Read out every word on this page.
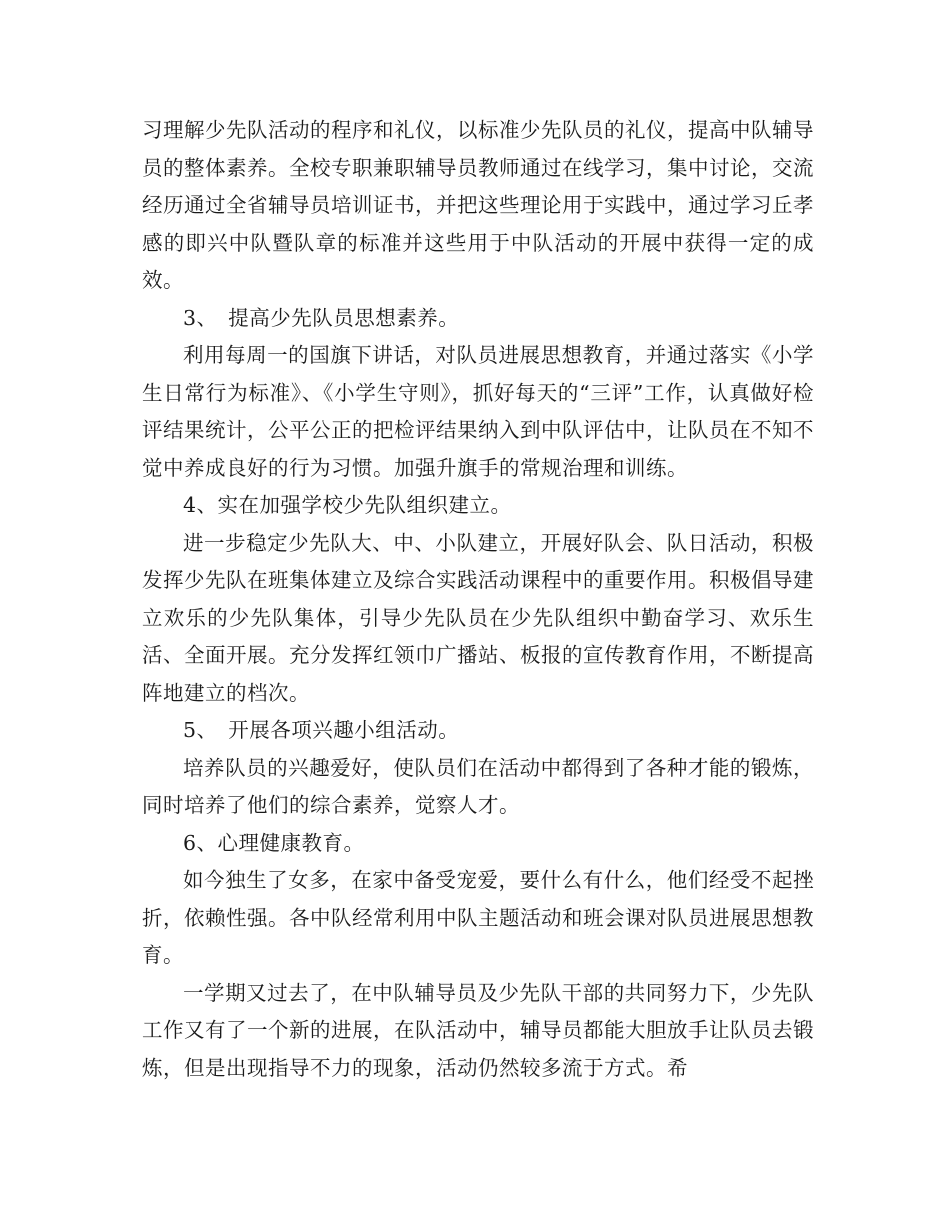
习理解少先队活动的程序和礼仪，以标准少先队员的礼仪，提高中队辅导员的整体素养。全校专职兼职辅导员教师通过在线学习，集中讨论，交流经历通过全省辅导员培训证书，并把这些理论用于实践中，通过学习丘孝感的即兴中队暨队章的标准并这些用于中队活动的开展中获得一定的成效。

3、　提高少先队员思想素养。

利用每周一的国旗下讲话，对队员进展思想教育，并通过落实《小学生日常行为标准》、《小学生守则》，抓好每天的“三评”工作，认真做好检评结果统计，公平公正的把检评结果纳入到中队评估中，让队员在不知不觉中养成良好的行为习惯。加强升旗手的常规治理和训练。

4、实在加强学校少先队组织建立。

进一步稳定少先队大、中、小队建立，开展好队会、队日活动，积极发挥少先队在班集体建立及综合实践活动课程中的重要作用。积极倡导建立欢乐的少先队集体，引导少先队员在少先队组织中勤奋学习、欢乐生活、全面开展。充分发挥红领巾广播站、板报的宣传教育作用，不断提高阵地建立的档次。

5、　开展各项兴趣小组活动。

培养队员的兴趣爱好，使队员们在活动中都得到了各种才能的锻炼，同时培养了他们的综合素养，觉察人才。

6、心理健康教育。

如今独生了女多，在家中备受宠爱，要什么有什么，他们经受不起挫折，依赖性强。各中队经常利用中队主题活动和班会课对队员进展思想教育。

一学期又过去了，在中队辅导员及少先队干部的共同努力下，少先队工作又有了一个新的进展，在队活动中，辅导员都能大胆放手让队员去锻炼，但是出现指导不力的现象，活动仍然较多流于方式。希
